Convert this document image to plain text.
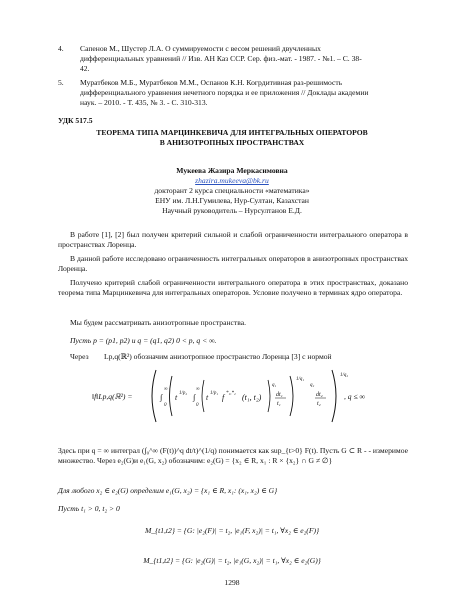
4. Сапенов М., Шустер Л.А. О суммируемости с весом решений двучленных
дифференциальных уравнений // Изв. АН Каз ССР. Сер. физ.-мат. - 1987. - №1. – С. 38-
42.
5. Муратбеков М.Б., Муратбеков М.М., Оспанов К.Н. Когрдитивная раз-решимость
дифференциального уравнения нечетного порядка и ее приложения // Доклады академии
наук. – 2010. - Т. 435, № 3. - С. 310-313.
УДК 517.5
ТЕОРЕМА ТИПА МАРЦИНКЕВИЧА ДЛЯ ИНТЕГРАЛЬНЫХ ОПЕРАТОРОВ
В АНИЗОТРОПНЫХ ПРОСТРАНСТВАХ
Мукеева Жазира Меркасимовна
zhazira.mukeeva@bk.ru
докторант 2 курса специальности «математика»
ЕНУ им. Л.Н.Гумилева, Нур-Султан, Казахстан
Научный руководитель – Нурсултанов Е.Д.
В работе [1], [2] был получен критерий сильной и слабой ограниченности интегрального оператора в пространствах Лоренца.
В данной работе исследовано ограниченность интегральных операторов в анизотропных пространствах Лоренца.
Получено критерий слабой ограниченности интегрального оператора в этих пространствах, доказано теорема типа Марцинкевича для интегральных операторов. Условие получено в терминах ядро оператора.
Мы будем рассматривать анизотропные пространства.
Пусть p = (p1, p2) и q = (q1, q2) 0 < p, q < ∞.
Через Lp,q(ℝ²) обозначим анизотропное пространство Лоренца [3] с нормой
‖f‖Lp,q(ℝ²) =	∫
∞
0
t 1/p₂ ∫
∞
0
t 1/p₁ f *₁,*₂ (t₁, t₂)
q₁
dt₁
t₁
1/q₁
q₂
dt₂
t₂
1/q₂
, q ≤ ∞
Здесь при q = ∞ интеграл (∫₀^∞ (F(t))^q dt/t)^(1/q) понимается как sup_{t>0} F(t). Пусть G ⊂ R - - измеримое множество. Через e₂(G)и e₁(G, x₂) обозначим: e₂(G) = {x₂ ∈ R, x₁ : R × {x₂} ∩ G ≠ ∅}
Для любого x₂ ∈ e₂(G) определим e₁(G, x₂) = {x₁ ∈ R, x₁: (x₁, x₂) ∈ G}
Пусть t₁ > 0, t₂ > 0
M_{t1,t2} = {G: |e₂(F)| = t₂, |e₁(F, x₂)| = t₁, ∀x₂ ∈ e₂(F)}
M_{t1,t2} = {G: |e₂(G)| = t₂, |e₁(G, x₂)| = t₁, ∀x₂ ∈ e₂(G)}
1298
